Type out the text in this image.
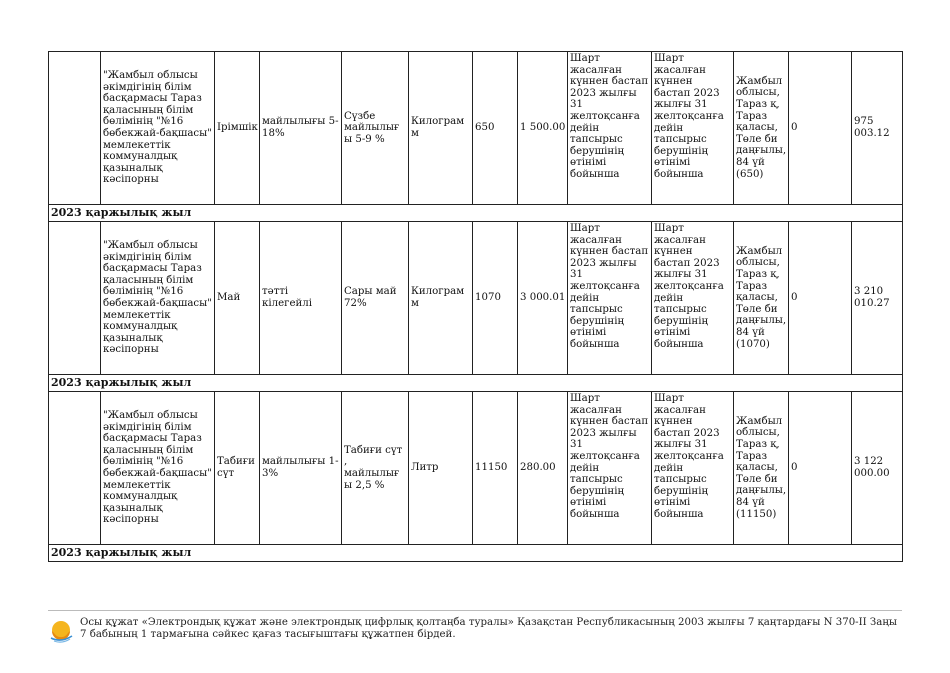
	"Жамбыл облысы әкімдігінің білім басқармасы Тараз қаласының білім бөлімінің "№16 бөбекжай-бақшасы" мемлекеттік коммуналдық қазыналық кәсіпорны	Ірімшік	майлылығы 5-18%	Сүзбе майлылығы 5-9 %	Килограмм	650	1 500.00	Шарт жасалған күннен бастап 2023 жылғы 31 желтоқсанға дейін тапсырыс берушінің өтінімі бойынша	Шарт жасалған күннен бастап 2023 жылғы 31 желтоқсанға дейін тапсырыс берушінің өтінімі бойынша	Жамбыл облысы, Тараз қ, Тараз қаласы, Төле би даңғылы, 84 үй (650)	0	975 003.12
2023 қаржылық жыл												
	"Жамбыл облысы әкімдігінің білім басқармасы Тараз қаласының білім бөлімінің "№16 бөбекжай-бақшасы" мемлекеттік коммуналдық қазыналық кәсіпорны	Май	тәтті кілегейлі	Сары май 72%	Килограмм	1070	3 000.01	Шарт жасалған күннен бастап 2023 жылғы 31 желтоқсанға дейін тапсырыс берушінің өтінімі бойынша	Шарт жасалған күннен бастап 2023 жылғы 31 желтоқсанға дейін тапсырыс берушінің өтінімі бойынша	Жамбыл облысы, Тараз қ, Тараз қаласы, Төле би даңғылы, 84 үй (1070)	0	3 210 010.27
2023 қаржылық жыл												
	"Жамбыл облысы әкімдігінің білім басқармасы Тараз қаласының білім бөлімінің "№16 бөбекжай-бақшасы" мемлекеттік коммуналдық қазыналық кәсіпорны	Табиғи сүт	майлылығы 1-3%	Табиғи сүт , майлылығы 2,5 %	Литр	11150	280.00	Шарт жасалған күннен бастап 2023 жылғы 31 желтоқсанға дейін тапсырыс берушінің өтінімі бойынша	Шарт жасалған күннен бастап 2023 жылғы 31 желтоқсанға дейін тапсырыс берушінің өтінімі бойынша	Жамбыл облысы, Тараз қ, Тараз қаласы, Төле би даңғылы, 84 үй (11150)	0	3 122 000.00
2023 қаржылық жыл												
Осы құжат «Электрондық құжат және электрондық цифрлық қолтаңба туралы» Қазақстан Республикасының 2003 жылғы 7 қаңтардағы N 370-II Заңы 7 бабының 1 тармағына сәйкес қағаз тасығыштағы құжатпен бірдей.
